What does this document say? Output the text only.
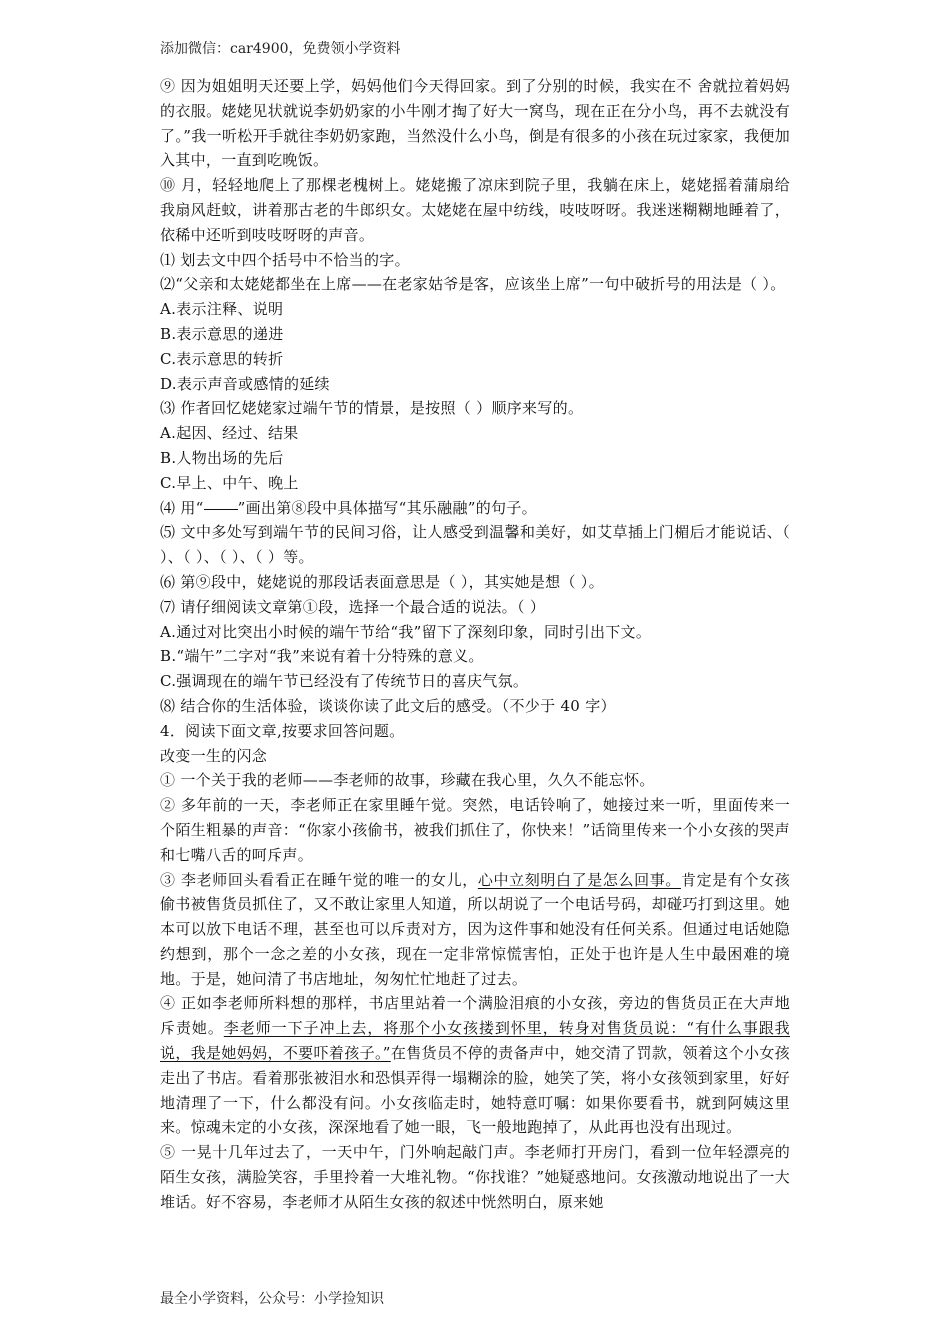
添加微信：car4900，免费领小学资料

⑨ 因为姐姐明天还要上学，妈妈他们今天得回家。到了分别的时候，我实在不 舍就拉着妈妈的衣服。姥姥见状就说李奶奶家的小牛刚才掏了好大一窝鸟，现在正在分小鸟，再不去就没有了。”我一听松开手就往李奶奶家跑，当然没什么小鸟，倒是有很多的小孩在玩过家家，我便加入其中，一直到吃晚饭。

⑩ 月，轻轻地爬上了那棵老槐树上。姥姥搬了凉床到院子里，我躺在床上，姥姥摇着蒲扇给我扇风赶蚊，讲着那古老的牛郎织女。太姥姥在屋中纺线，吱吱呀呀。我迷迷糊糊地睡着了，依稀中还听到吱吱呀呀的声音。

⑴ 划去文中四个括号中不恰当的字。

⑵“父亲和太姥姥都坐在上席——在老家姑爷是客，应该坐上席”一句中破折号的用法是（ ）。

A.表示注释、说明

B.表示意思的递进

C.表示意思的转折

D.表示声音或感情的延续

⑶ 作者回忆姥姥家过端午节的情景，是按照（ ）顺序来写的。

A.起因、经过、结果

B.人物出场的先后

C.早上、中午、晚上

⑷ 用“ ”画出第⑧段中具体描写“其乐融融”的句子。

⑸ 文中多处写到端午节的民间习俗，让人感受到温馨和美好，如艾草插上门楣后才能说话、（ ）、（ ）、（ ）、（ ）等。

⑹ 第⑨段中，姥姥说的那段话表面意思是（ ），其实她是想（ ）。

⑺ 请仔细阅读文章第①段，选择一个最合适的说法。（ ）

A.通过对比突出小时候的端午节给“我”留下了深刻印象，同时引出下文。

B.“端午”二字对“我”来说有着十分特殊的意义。

C.强调现在的端午节已经没有了传统节日的喜庆气氛。

⑻ 结合你的生活体验，谈谈你读了此文后的感受。（不少于 40 字）

4．阅读下面文章,按要求回答问题。

改变一生的闪念

① 一个关于我的老师——李老师的故事，珍藏在我心里，久久不能忘怀。

② 多年前的一天，李老师正在家里睡午觉。突然，电话铃响了，她接过来一听，里面传来一个陌生粗暴的声音：“你家小孩偷书，被我们抓住了，你快来！”话筒里传来一个小女孩的哭声和七嘴八舌的呵斥声。

③ 李老师回头看看正在睡午觉的唯一的女儿，心中立刻明白了是怎么回事。肯定是有个女孩偷书被售货员抓住了，又不敢让家里人知道，所以胡说了一个电话号码，却碰巧打到这里。她本可以放下电话不理，甚至也可以斥责对方，因为这件事和她没有任何关系。但通过电话她隐约想到，那个一念之差的小女孩，现在一定非常惊慌害怕，正处于也许是人生中最困难的境地。于是，她问清了书店地址，匆匆忙忙地赶了过去。

④ 正如李老师所料想的那样，书店里站着一个满脸泪痕的小女孩，旁边的售货员正在大声地斥责她。李老师一下子冲上去，将那个小女孩搂到怀里，转身对售货员说：“有什么事跟我说，我是她妈妈，不要吓着孩子。”在售货员不停的责备声中，她交清了罚款，领着这个小女孩走出了书店。看着那张被泪水和恐惧弄得一塌糊涂的脸，她笑了笑，将小女孩领到家里，好好地清理了一下，什么都没有问。小女孩临走时，她特意叮嘱：如果你要看书，就到阿姨这里来。惊魂未定的小女孩，深深地看了她一眼，飞一般地跑掉了，从此再也没有出现过。

⑤ 一晃十几年过去了，一天中午，门外响起敲门声。李老师打开房门，看到一位年轻漂亮的陌生女孩，满脸笑容，手里拎着一大堆礼物。“你找谁？”她疑惑地问。女孩激动地说出了一大堆话。好不容易，李老师才从陌生女孩的叙述中恍然明白，原来她

最全小学资料，公众号：小学捡知识
